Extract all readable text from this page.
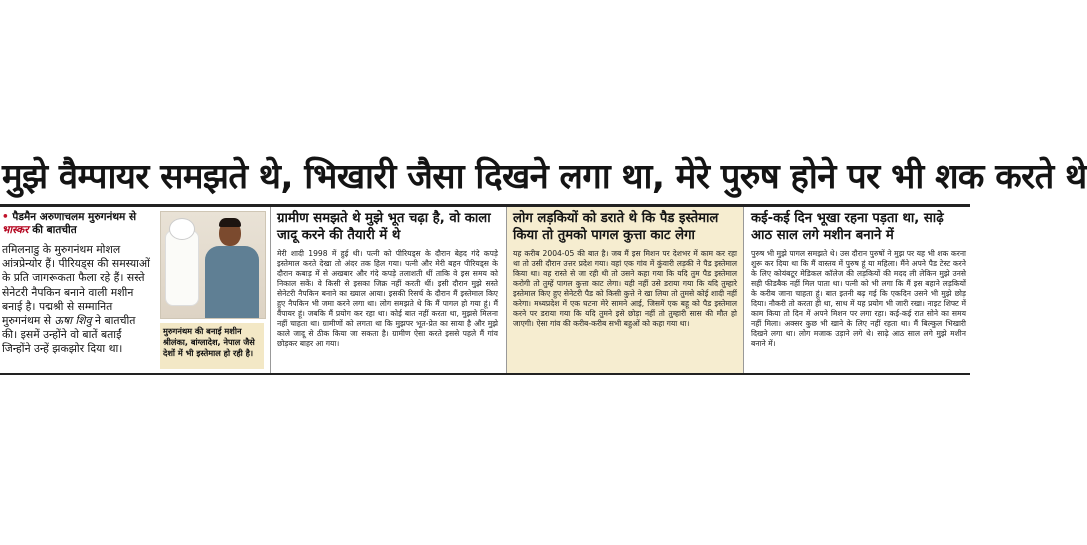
मुझे वैम्पायर समझते थे, भिखारी जैसा दिखने लगा था, मेरे पुरुष होने पर भी शक करते थे
• पैडमैन अरुणाचलम मुरुगनंथम से भास्कर की बातचीत
तमिलनाडु के मुरुगनंथम मोशल आंत्रप्रेन्योर हैं। पीरियड्स की समस्याओं के प्रति जागरूकता फैला रहे हैं। सस्ते सेनेटरी नैपकिन बनाने वाली मशीन बनाई है। पद्मश्री से सम्मानित मुरुगनंथम से ऊषा शिवु ने बातचीत की। इसमें उन्होंने वो बातें बताईं जिन्होंने उन्हें झकझोर दिया था।
मुरुगनंथम की बनाई मशीन श्रीलंका, बांग्लादेश, नेपाल जैसे देशों में भी इस्तेमाल हो रही है।
ग्रामीण समझते थे मुझे भूत चढ़ा है, वो काला जादू करने की तैयारी में थे
मेरी शादी 1998 में हुई थी। पत्नी को पीरियड्स के दौरान बेहद गंदे कपड़े इस्तेमाल करते देखा तो अंदर तक हिल गया। पत्नी और मेरी बहन पीरियड्स के दौरान कबाड़ में से अखबार और गंदे कपड़े तलाशती थीं ताकि वे इस समय को निकाल सकें। वे किसी से इसका जिक्र नहीं करती थीं। इसी दौरान मुझे सस्ते सेनेटरी नैपकिन बनाने का ख्याल आया। इसकी रिसर्च के दौरान मैं इस्तेमाल किए हुए नैपकिन भी जमा करने लगा था। लोग समझते थे कि मैं पागल हो गया हूं। मैं वैंपायर हूं। जबकि मैं प्रयोग कर रहा था। कोई बात नहीं करता था, मुझसे मिलना नहीं चाहता था। ग्रामीणों को लगता था कि मुझपर भूत-प्रेत का साया है और मुझे काले जादू से ठीक किया जा सकता है। ग्रामीण ऐसा करते इससे पहले मैं गांव छोड़कर बाहर आ गया।
लोग लड़कियों को डराते थे कि पैड इस्तेमाल किया तो तुमको पागल कुत्ता काट लेगा
यह करीब 2004-05 की बात है। जब मैं इस मिशन पर देशभर में काम कर रहा था तो उसी दौरान उत्तर प्रदेश गया। वहां एक गांव में कुंवारी लड़की ने पैड इस्तेमाल किया था। वह रास्ते से जा रही थी तो उसने कहा गया कि यदि तुम पैड इस्तेमाल करोगी तो तुम्हें पागल कुत्ता काट लेगा। यही नहीं उसे डराया गया कि यदि तुम्हारे इस्तेमाल किए हुए सेनेटरी पैड को किसी कुत्ते ने खा लिया तो तुमसे कोई शादी नहीं करेगा। मध्यप्रदेश में एक घटना मेरे सामने आई, जिसमें एक बहू को पैड इस्तेमाल करने पर डराया गया कि यदि तुमने इसे छोड़ा नहीं तो तुम्हारी सास की मौत हो जाएगी। ऐसा गांव की करीब-करीब सभी बहुओं को कहा गया था।
कई-कई दिन भूखा रहना पड़ता था, साढ़े आठ साल लगे मशीन बनाने में
पुरुष भी मुझे पागल समझते थे। उस दौरान पुरुषों ने मुझ पर यह भी शक करना शुरू कर दिया था कि मैं वास्तव में पुरुष हूं या महिला। मैंने अपने पैड टेस्ट करने के लिए कोयंबटूर मेडिकल कॉलेज की लड़कियों की मदद ली लेकिन मुझे उनसे सही फीडबैक नहीं मिल पाता था। पत्नी को भी लगा कि मैं इस बहाने लड़कियों के करीब जाना चाहता हूं। बात इतनी बढ़ गई कि एकदिन उसने भी मुझे छोड़ दिया। नौकरी तो करता ही था, साथ में यह प्रयोग भी जारी रखा। नाइट शिफ्ट में काम किया तो दिन में अपने मिशन पर लगा रहा। कई-कई रात सोने का समय नहीं मिला। अक्सर कुछ भी खाने के लिए नहीं रहता था। मैं बिल्कुल भिखारी दिखने लगा था। लोग मजाक उड़ाने लगे थे। साढ़े आठ साल लगे मुझे मशीन बनाने में।
